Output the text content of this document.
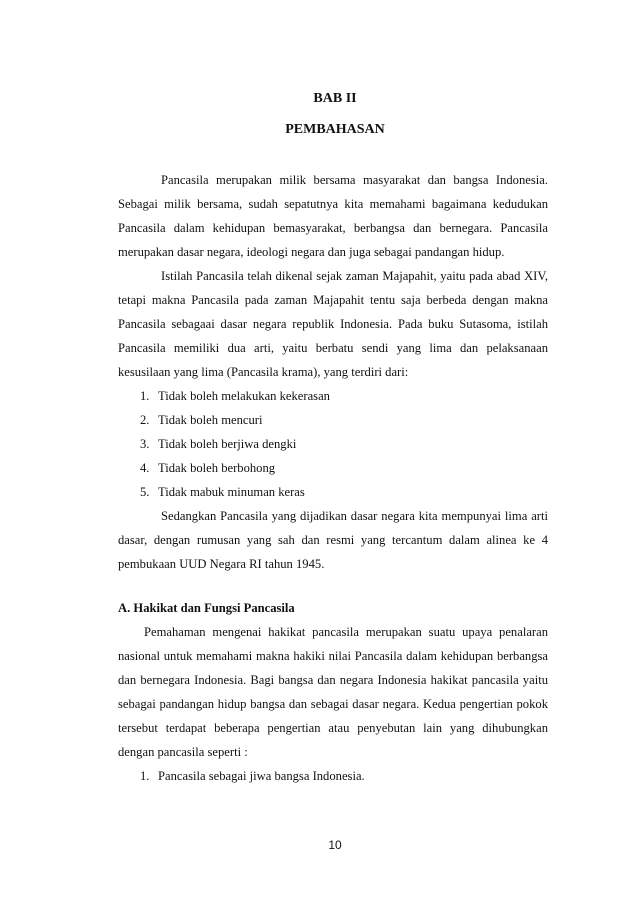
BAB II
PEMBAHASAN

Pancasila merupakan milik bersama masyarakat dan bangsa Indonesia. Sebagai milik bersama, sudah sepatutnya kita memahami bagaimana kedudukan Pancasila dalam kehidupan bemasyarakat, berbangsa dan bernegara. Pancasila merupakan dasar negara, ideologi negara dan juga sebagai pandangan hidup.

Istilah Pancasila telah dikenal sejak zaman Majapahit, yaitu pada abad XIV, tetapi makna Pancasila pada zaman Majapahit tentu saja berbeda dengan makna Pancasila sebagaai dasar negara republik Indonesia. Pada buku Sutasoma, istilah Pancasila memiliki dua arti, yaitu berbatu sendi yang lima dan pelaksanaan kesusilaan yang lima (Pancasila krama), yang terdiri dari:

1. Tidak boleh melakukan kekerasan
2. Tidak boleh mencuri
3. Tidak boleh berjiwa dengki
4. Tidak boleh berbohong
5. Tidak mabuk minuman keras

Sedangkan Pancasila yang dijadikan dasar negara kita mempunyai lima arti dasar, dengan rumusan yang sah dan resmi yang tercantum dalam alinea ke 4 pembukaan UUD Negara RI tahun 1945.

A. Hakikat dan Fungsi Pancasila

Pemahaman mengenai hakikat pancasila merupakan suatu upaya penalaran nasional untuk memahami makna hakiki nilai Pancasila dalam kehidupan berbangsa dan bernegara Indonesia. Bagi bangsa dan negara Indonesia hakikat pancasila yaitu sebagai pandangan hidup bangsa dan sebagai dasar negara. Kedua pengertian pokok tersebut terdapat beberapa pengertian atau penyebutan lain yang dihubungkan dengan pancasila seperti :

1. Pancasila sebagai jiwa bangsa Indonesia.
10
